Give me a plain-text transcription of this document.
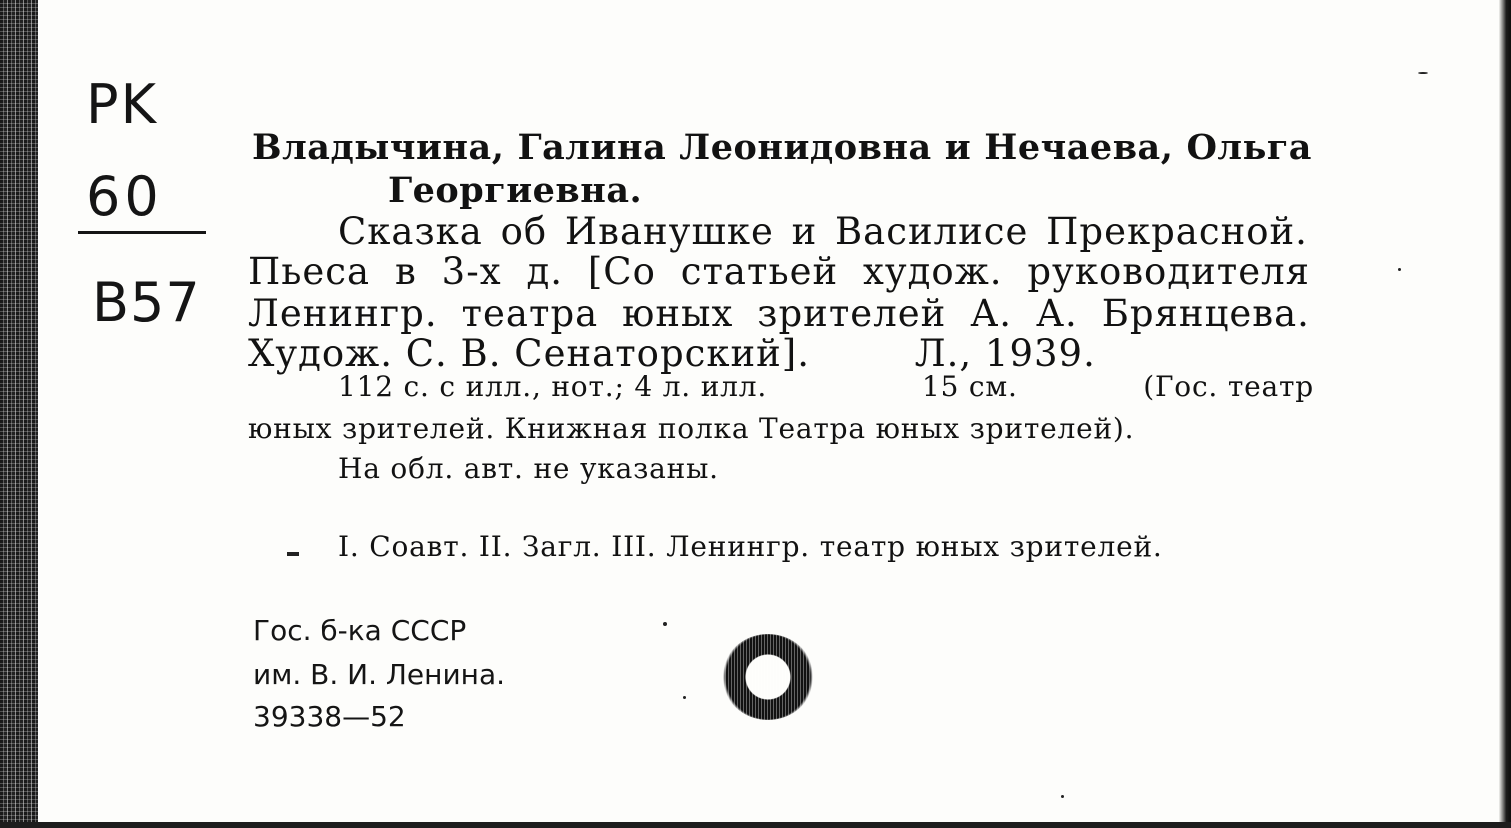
PK
60
B57
Владычина, Галина Леонидовна и Нечаева, Ольга
Георгиевна.
Сказка об Иванушке и Василисе Прекрасной.
Пьеса в 3-х д. [Со статьей худож. руководителя
Ленингр. театра юных зрителей А. А. Брянцева.
Худож. С. В. Сенаторский].	Л., 1939.
112 с. с илл., нот.; 4 л. илл.	15 см.	(Гос. театр
юных зрителей. Книжная полка Театра юных зрителей).
На обл. авт. не указаны.
I. Соавт. II. Загл. III. Ленингр. театр юных зрителей.
Гос. б-ка СССР
им. В. И. Ленина.
39338—52
